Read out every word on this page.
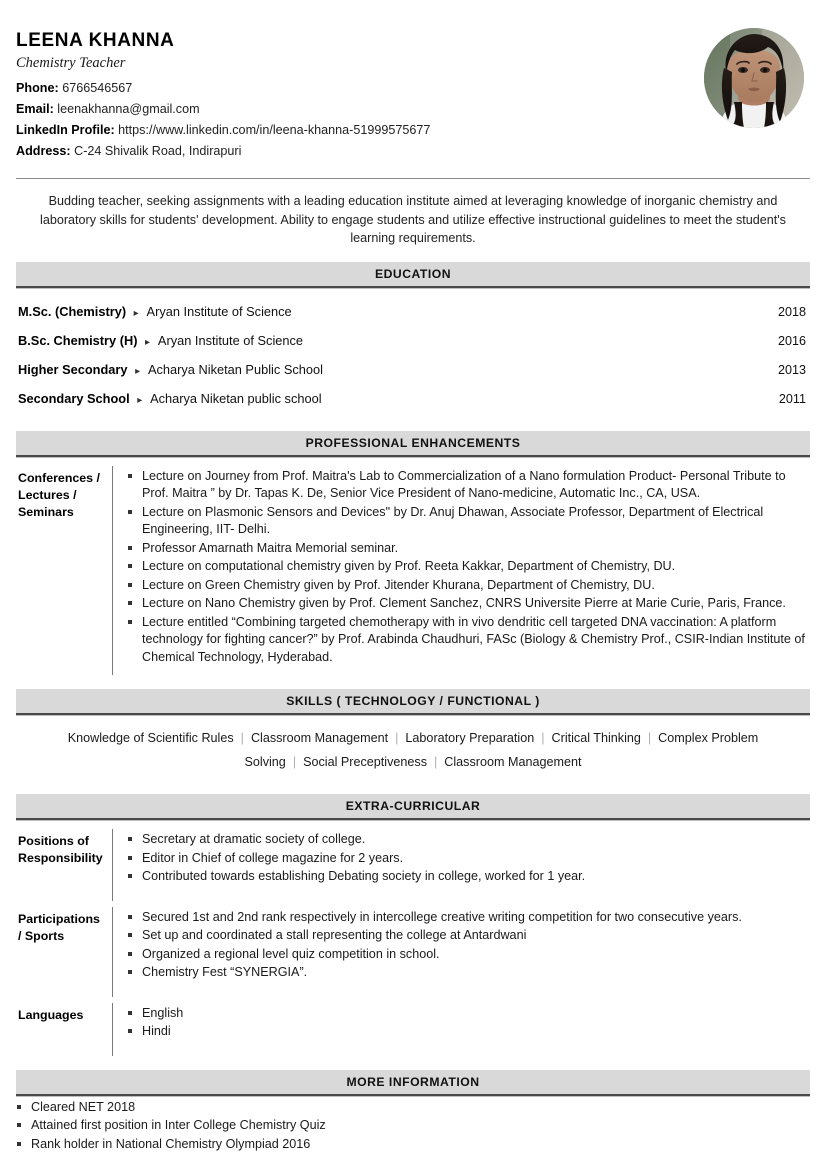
LEENA KHANNA
Chemistry Teacher
Phone: 6766546567
Email: leenakhanna@gmail.com
LinkedIn Profile: https://www.linkedin.com/in/leena-khanna-51999575677
Address: C-24 Shivalik Road, Indirapuri
Budding teacher, seeking assignments with a leading education institute aimed at leveraging knowledge of inorganic chemistry and laboratory skills for students' development. Ability to engage students and utilize effective instructional guidelines to meet the student's learning requirements.
EDUCATION
M.Sc. (Chemistry) ▸ Aryan Institute of Science	2018
B.Sc. Chemistry (H) ▸ Aryan Institute of Science	2016
Higher Secondary ▸ Acharya Niketan Public School	2013
Secondary School ▸ Acharya Niketan public school	2011
PROFESSIONAL ENHANCEMENTS
Conferences / Lectures / Seminars
Lecture on Journey from Prof. Maitra's Lab to Commercialization of a Nano formulation Product- Personal Tribute to Prof. Maitra ” by Dr. Tapas K. De, Senior Vice President of Nano-medicine, Automatic Inc., CA, USA.
Lecture on Plasmonic Sensors and Devices" by Dr. Anuj Dhawan, Associate Professor, Department of Electrical Engineering, IIT- Delhi.
Professor Amarnath Maitra Memorial seminar.
Lecture on computational chemistry given by Prof. Reeta Kakkar, Department of Chemistry, DU.
Lecture on Green Chemistry given by Prof. Jitender Khurana, Department of Chemistry, DU.
Lecture on Nano Chemistry given by Prof. Clement Sanchez, CNRS Universite Pierre at Marie Curie, Paris, France.
Lecture entitled “Combining targeted chemotherapy with in vivo dendritic cell targeted DNA vaccination: A platform technology for fighting cancer?” by Prof. Arabinda Chaudhuri, FASc (Biology & Chemistry Prof., CSIR-Indian Institute of Chemical Technology, Hyderabad.
SKILLS ( TECHNOLOGY / FUNCTIONAL )
Knowledge of Scientific Rules | Classroom Management | Laboratory Preparation | Critical Thinking | Complex Problem Solving | Social Preceptiveness | Classroom Management
EXTRA-CURRICULAR
Positions of Responsibility
Secretary at dramatic society of college.
Editor in Chief of college magazine for 2 years.
Contributed towards establishing Debating society in college, worked for 1 year.
Participations / Sports
Secured 1st and 2nd rank respectively in intercollege creative writing competition for two consecutive years.
Set up and coordinated a stall representing the college at Antardwani
Organized a regional level quiz competition in school.
Chemistry Fest “SYNERGIA”.
Languages	English
Hindi
MORE INFORMATION
Cleared NET 2018
Attained first position in Inter College Chemistry Quiz
Rank holder in National Chemistry Olympiad 2016
